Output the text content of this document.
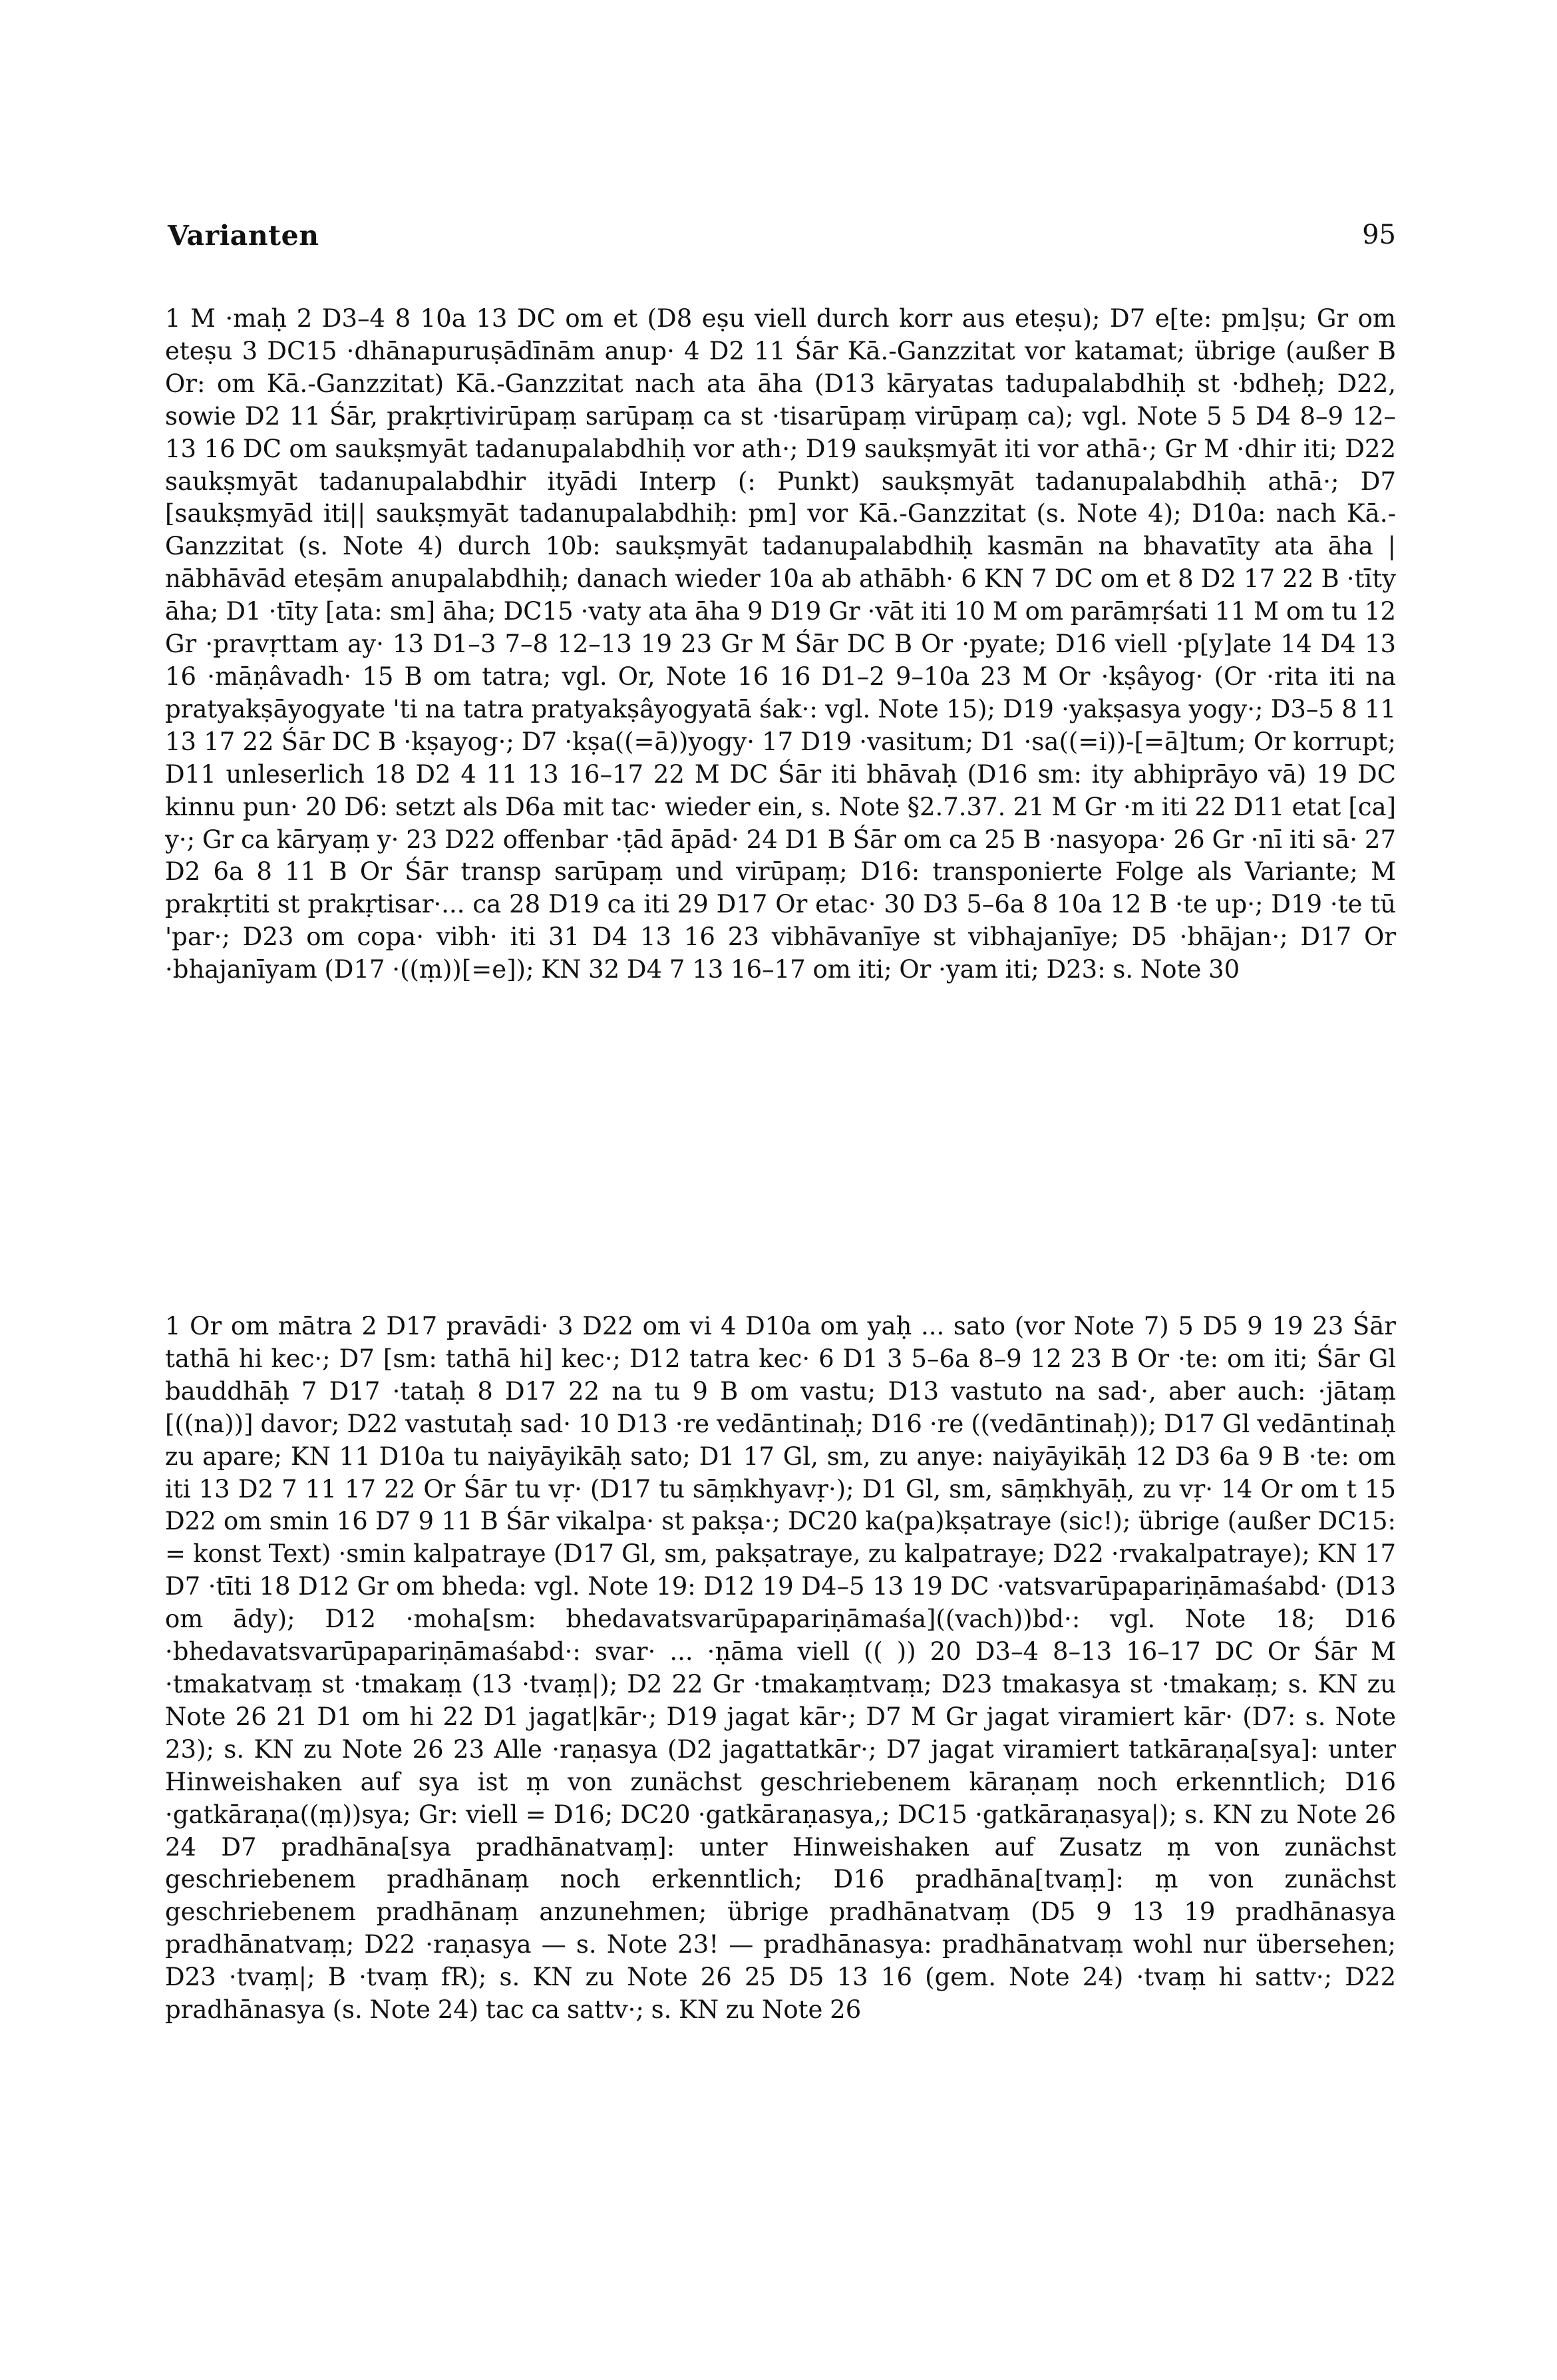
Varianten	95

1 M ·maḥ 2 D3–4 8 10a 13 DC om et (D8 eṣu viell durch korr aus eteṣu); D7 e[te: pm]ṣu; Gr om eteṣu 3 DC15 ·dhānapuruṣādīnām anup· 4 D2 11 Śār Kā.-Ganzzitat vor katamat; übrige (außer B Or: om Kā.-Ganzzitat) Kā.-Ganzzitat nach ata āha (D13 kāryatas tadupalabdhiḥ st ·bdheḥ; D22, sowie D2 11 Śār, prakṛtivirūpaṃ sarūpaṃ ca st ·tisarūpaṃ virūpaṃ ca); vgl. Note 5 5 D4 8–9 12–13 16 DC om saukṣmyāt tadanupalabdhiḥ vor ath·; D19 saukṣmyāt iti vor athā·; Gr M ·dhir iti; D22 saukṣmyāt tadanupalabdhir ityādi Interp (: Punkt) saukṣmyāt tadanupalabdhiḥ athā·; D7 [saukṣmyād iti|| saukṣmyāt tadanupalabdhiḥ: pm] vor Kā.-Ganzzitat (s. Note 4); D10a: nach Kā.-Ganzzitat (s. Note 4) durch 10b: saukṣmyāt tadanupalabdhiḥ kasmān na bhavatīty ata āha | nābhāvād eteṣām anupalabdhiḥ; danach wieder 10a ab athābh· 6 KN 7 DC om et 8 D2 17 22 B ·tīty āha; D1 ·tīty [ata: sm] āha; DC15 ·vaty ata āha 9 D19 Gr ·vāt iti 10 M om parāmṛśati 11 M om tu 12 Gr ·pravṛttam ay· 13 D1–3 7–8 12–13 19 23 Gr M Śār DC B Or ·pyate; D16 viell ·p[y]ate 14 D4 13 16 ·māṇâvadh· 15 B om tatra; vgl. Or, Note 16 16 D1–2 9–10a 23 M Or ·kṣâyog· (Or ·rita iti na pratyakṣāyogyate 'ti na tatra pratyakṣâyogyatā śak·: vgl. Note 15); D19 ·yakṣasya yogy·; D3–5 8 11 13 17 22 Śār DC B ·kṣayog·; D7 ·kṣa((=ā))yogy· 17 D19 ·vasitum; D1 ·sa((=i))-[=ā]tum; Or korrupt; D11 unleserlich 18 D2 4 11 13 16–17 22 M DC Śār iti bhāvaḥ (D16 sm: ity abhiprāyo vā) 19 DC kinnu pun· 20 D6: setzt als D6a mit tac· wieder ein, s. Note §2.7.37. 21 M Gr ·m iti 22 D11 etat [ca] y·; Gr ca kāryaṃ y· 23 D22 offenbar ·ṭād āpād· 24 D1 B Śār om ca 25 B ·nasyopa· 26 Gr ·nī iti sā· 27 D2 6a 8 11 B Or Śār transp sarūpaṃ und virūpaṃ; D16: transponierte Folge als Variante; M prakṛtiti st prakṛtisar·... ca 28 D19 ca iti 29 D17 Or etac· 30 D3 5–6a 8 10a 12 B ·te up·; D19 ·te tū 'par·; D23 om copa· vibh· iti 31 D4 13 16 23 vibhāvanīye st vibhajanīye; D5 ·bhājan·; D17 Or ·bhajanīyam (D17 ·((ṃ))[=e]); KN 32 D4 7 13 16–17 om iti; Or ·yam iti; D23: s. Note 30

1 Or om mātra 2 D17 pravādi· 3 D22 om vi 4 D10a om yaḥ ... sato (vor Note 7) 5 D5 9 19 23 Śār tathā hi kec·; D7 [sm: tathā hi] kec·; D12 tatra kec· 6 D1 3 5–6a 8–9 12 23 B Or ·te: om iti; Śār Gl bauddhāḥ 7 D17 ·tataḥ 8 D17 22 na tu 9 B om vastu; D13 vastuto na sad·, aber auch: ·jātaṃ [((na))] davor; D22 vastutaḥ sad· 10 D13 ·re vedāntinaḥ; D16 ·re ((vedāntinaḥ)); D17 Gl vedāntinaḥ zu apare; KN 11 D10a tu naiyāyikāḥ sato; D1 17 Gl, sm, zu anye: naiyāyikāḥ 12 D3 6a 9 B ·te: om iti 13 D2 7 11 17 22 Or Śār tu vṛ· (D17 tu sāṃkhyavṛ·); D1 Gl, sm, sāṃkhyāḥ, zu vṛ· 14 Or om t 15 D22 om smin 16 D7 9 11 B Śār vikalpa· st pakṣa·; DC20 ka(pa)kṣatraye (sic!); übrige (außer DC15: = konst Text) ·smin kalpatraye (D17 Gl, sm, pakṣatraye, zu kalpatraye; D22 ·rvakalpatraye); KN 17 D7 ·tīti 18 D12 Gr om bheda: vgl. Note 19: D12 19 D4–5 13 19 DC ·vatsvarūpapariṇāmaśabd· (D13 om ādy); D12 ·moha[sm: bhedavatsvarūpapariṇāmaśa]((vach))bd·: vgl. Note 18; D16 ·bhedavatsvarūpapariṇāmaśabd·: svar· ... ·ṇāma viell (( )) 20 D3–4 8–13 16–17 DC Or Śār M ·tmakatvaṃ st ·tmakaṃ (13 ·tvaṃ|); D2 22 Gr ·tmakaṃtvaṃ; D23 tmakasya st ·tmakaṃ; s. KN zu Note 26 21 D1 om hi 22 D1 jagat|kār·; D19 jagat kār·; D7 M Gr jagat viramiert kār· (D7: s. Note 23); s. KN zu Note 26 23 Alle ·raṇasya (D2 jagattatkār·; D7 jagat viramiert tatkāraṇa[sya]: unter Hinweishaken auf sya ist ṃ von zunächst geschriebenem kāraṇaṃ noch erkenntlich; D16 ·gatkāraṇa((ṃ))sya; Gr: viell = D16; DC20 ·gatkāraṇasya,; DC15 ·gatkāraṇasya|); s. KN zu Note 26 24 D7 pradhāna[sya pradhānatvaṃ]: unter Hinweishaken auf Zusatz ṃ von zunächst geschriebenem pradhānaṃ noch erkenntlich; D16 pradhāna[tvaṃ]: ṃ von zunächst geschriebenem pradhānaṃ anzunehmen; übrige pradhānatvaṃ (D5 9 13 19 pradhānasya pradhānatvaṃ; D22 ·raṇasya — s. Note 23! — pradhānasya: pradhānatvaṃ wohl nur übersehen; D23 ·tvaṃ|; B ·tvaṃ fR); s. KN zu Note 26 25 D5 13 16 (gem. Note 24) ·tvaṃ hi sattv·; D22 pradhānasya (s. Note 24) tac ca sattv·; s. KN zu Note 26
